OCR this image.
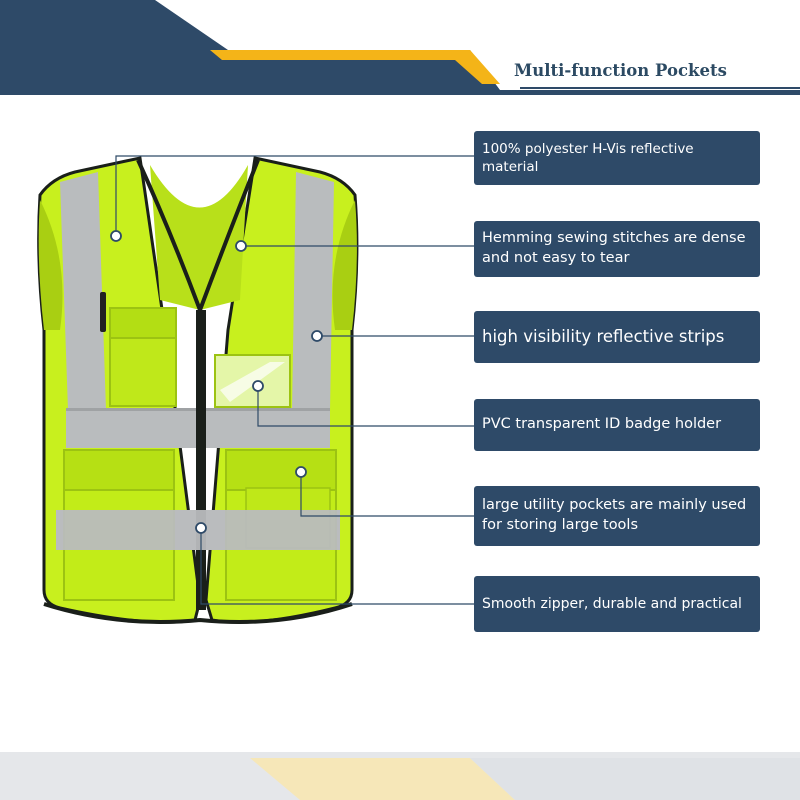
Multi-function Pockets
100% polyester H-Vis reflective material
Hemming sewing stitches are dense and not easy to tear
high visibility reflective strips
PVC transparent ID badge holder
large utility pockets are mainly used for storing large tools
Smooth zipper, durable and practical
